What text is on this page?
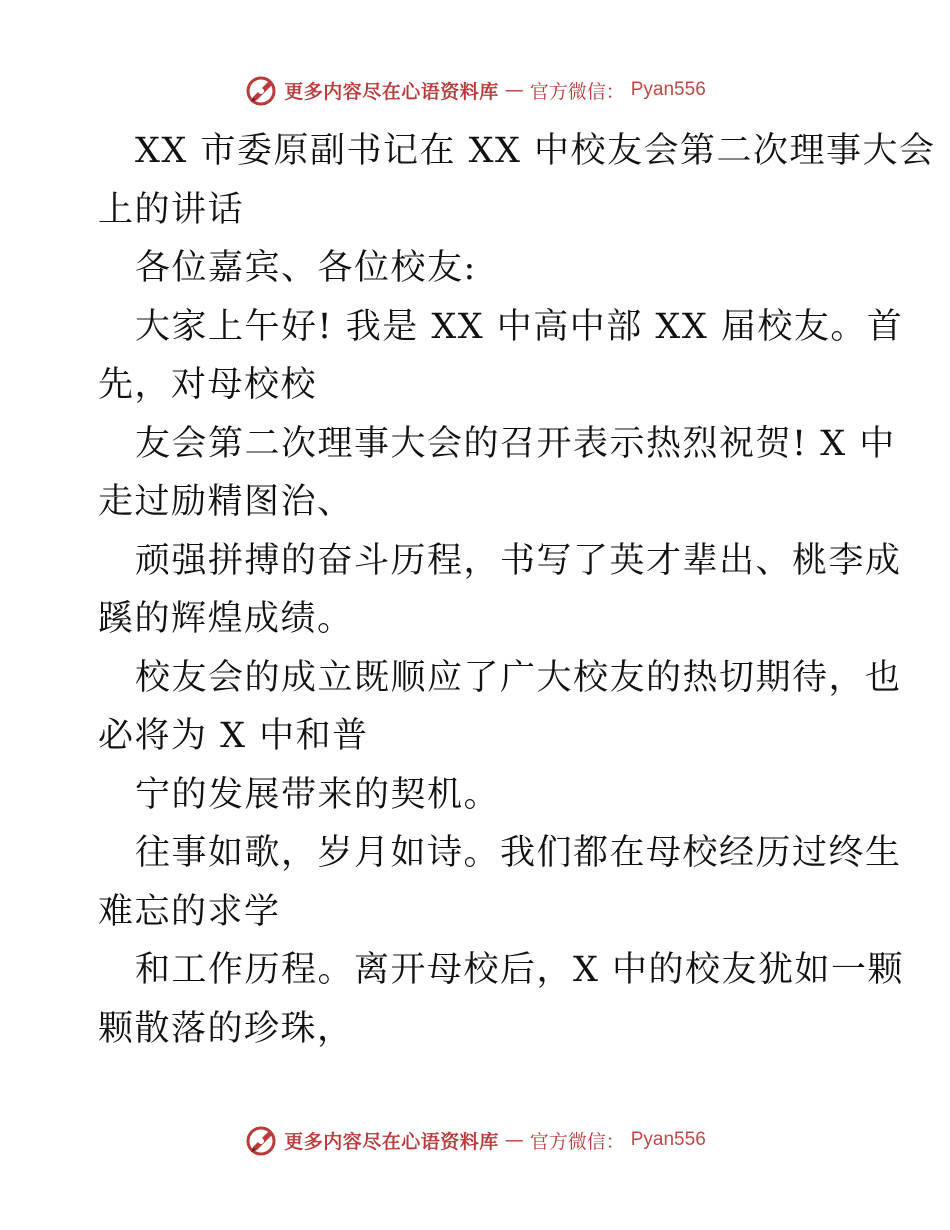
更多内容尽在心语资料库 — 官方微信： Pyan556
XX 市委原副书记在 XX 中校友会第二次理事大会
上的讲话
各位嘉宾、各位校友:
大家上午好! 我是 XX 中高中部 XX 届校友。首
先，对母校校
友会第二次理事大会的召开表示热烈祝贺! X 中
走过励精图治、
顽强拼搏的奋斗历程，书写了英才辈出、桃李成
蹊的辉煌成绩。
校友会的成立既顺应了广大校友的热切期待，也
必将为 X 中和普
宁的发展带来的契机。
往事如歌，岁月如诗。我们都在母校经历过终生
难忘的求学
和工作历程。离开母校后，X 中的校友犹如一颗
颗散落的珍珠，
更多内容尽在心语资料库 — 官方微信： Pyan556
